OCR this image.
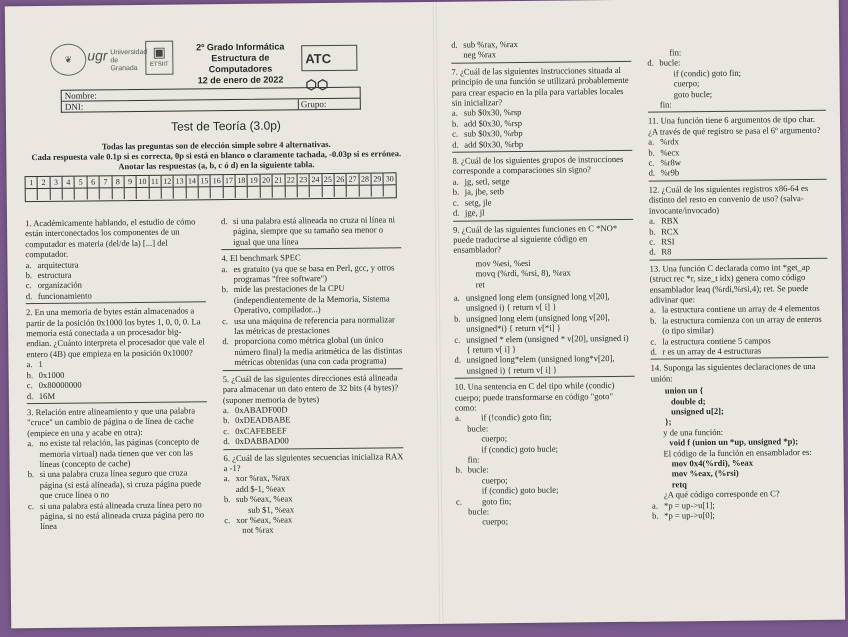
❦	ugr Universidad de Granada
▣
ETSIIT
2º Grado Informática
Estructura de Computadores
12 de enero de 2022
ATC ⬡⬡
Nombre:
DNI:	Grupo:
Test de Teoría (3.0p)
Todas las preguntas son de elección simple sobre 4 alternativas.
Cada respuesta vale 0.1p si es correcta, 0p si está en blanco o claramente tachada, -0.03p si es errónea.
Anotar las respuestas (a, b, c ó d) en la siguiente tabla.
1	2	3	4	5	6	7	8	9 10 11 12 13 14 15 16 17 18 19 20 21 22 23 24 25 26 27 28 29 30

1. Académicamente hablando, el estudio de cómo están interconectados los componentes de un computador es materia (del/de la) [...] del computador.

a. arquitectura
b. estructura
c. organización
d. funcionamiento

2. En una memoria de bytes están almacenados a partir de la posición 0x1000 los bytes 1, 0, 0, 0. La memoria está conectada a un procesador big-endian. ¿Cuánto interpreta el procesador que vale el entero (4B) que empieza en la posición 0x1000?

a. 1
b. 0x1000
c. 0x80000000
d. 16M

3. Relación entre alineamiento y que una palabra "cruce" un cambio de página o de línea de cache (empiece en una y acabe en otra):

a. no existe tal relación, las páginas (concepto de memoria virtual) nada tienen que ver con las líneas (concepto de cache)
b. si una palabra cruza línea seguro que cruza página (si está alineada), si cruza página puede que cruce línea o no
c. si una palabra está alineada cruza línea pero no página, si no está alineada cruza página pero no línea
d. si una palabra está alineada no cruza ni línea ni página, siempre que su tamaño sea menor o igual que una línea

4. El benchmark SPEC

a. es gratuito (ya que se basa en Perl, gcc, y otros programas "free software")
b. mide las prestaciones de la CPU (independientemente de la Memoria, Sistema Operativo, compilador...)
c. usa una máquina de referencia para normalizar las métricas de prestaciones
d. proporciona como métrica global (un único número final) la media aritmética de las distintas métricas obtenidas (una con cada programa)

5. ¿Cuál de las siguientes direcciones está alineada para almacenar un dato entero de 32 bits (4 bytes)? (suponer memoria de bytes)

a. 0xABADF00D
b. 0xDEADBABE
c. 0xCAFEBEEF
d. 0xDABBAD00

6. ¿Cuál de las siguientes secuencias inicializa RAX a -1?

a. xor %rax, %rax
add $-1, %eax
b. sub %eax, %eax
sub $1, %eax
c. xor %eax, %eax
not %rax
d. sub %rax, %rax
neg %rax

7. ¿Cuál de las siguientes instrucciones situada al principio de una función se utilizará probablemente para crear espacio en la pila para variables locales sin inicializar?

a. sub $0x30, %rsp
b. add $0x30, %rsp
c. sub $0x30, %rbp
d. add $0x30, %rbp

8. ¿Cuál de los siguientes grupos de instrucciones corresponde a comparaciones sin signo?

a. jg, setl, setge
b. ja, jbe, setb
c. setg, jle
d. jge, jl

9. ¿Cuál de las siguientes funciones en C *NO* puede traducirse al siguiente código en ensamblador?

mov %esi, %esi
movq (%rdi, %rsi, 8), %rax
ret
a. unsigned long elem (unsigned long v[20], unsigned i) { return v[ i] }
b. unsigned long elem (unsigned long v[20], unsigned*i) { return v[*i] }
c. unsigned * elem (unsigned * v[20], unsigned i) { return v[ i] }
d. unsigned long*elem (unsigned long*v[20], unsigned i) { return v[ i] }

10. Una sentencia en C del tipo while (condic) cuerpo; puede transformarse en código "goto" como:

a.	if (!condic) goto fin;
bucle:
cuerpo;
if (condic) goto bucle;
fin:
b. bucle:
cuerpo;
if (condic) goto bucle;
c.	goto fin;
bucle:
cuerpo;
fin:
d. bucle:
if (condic) goto fin;
cuerpo;
goto bucle;
fin:

11. Una función tiene 6 argumentos de tipo char. ¿A través de qué registro se pasa el 6º argumento?

a. %rdx
b. %ecx
c. %r8w
d. %r9b

12. ¿Cuál de los siguientes registros x86-64 es distinto del resto en convenio de uso? (salva-invocante/invocado)

a. RBX
b. RCX
c. RSI
d. R8

13. Una función C declarada como int *get_ap (struct rec *r, size_t idx) genera como código ensamblador leaq (%rdi,%rsi,4); ret. Se puede adivinar que:

a. la estructura contiene un array de 4 elementos
b. la estructura comienza con un array de enteros (o tipo similar)
c. la estructura contiene 5 campos
d. r es un array de 4 estructuras

14. Suponga las siguientes declaraciones de una unión:

union un {
double d;
unsigned u[2];
};
y de una función:
void f (union un *up, unsigned *p);
El código de la función en ensamblador es:
mov 0x4(%rdi), %eax
mov %eax, (%rsi)
retq
¿A qué código corresponde en C?
a. *p = up->u[1];
b. *p = up->u[0];
